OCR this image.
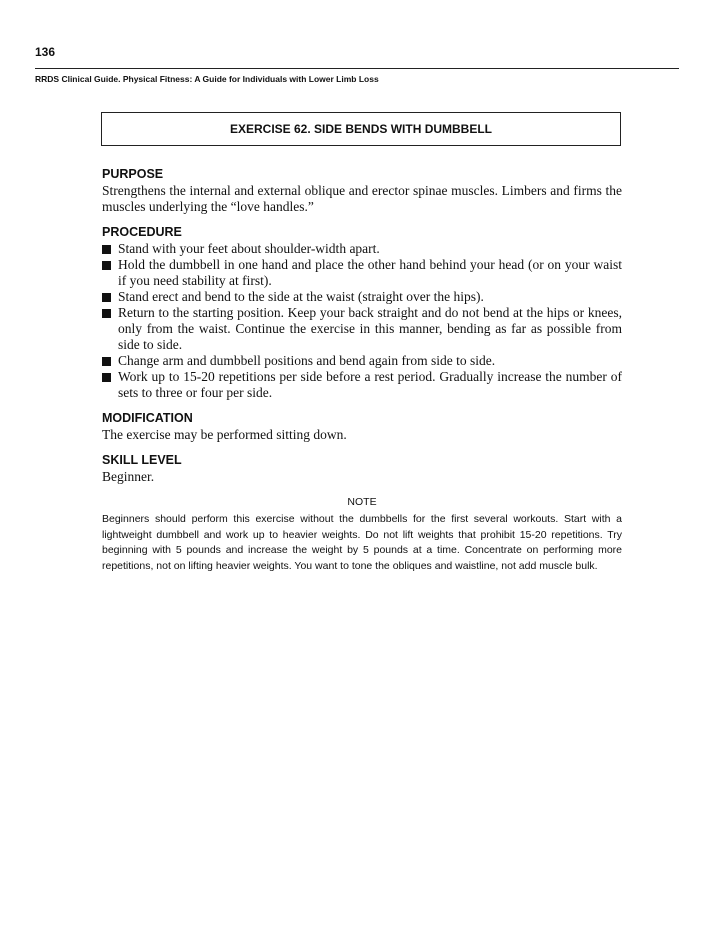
136
RRDS Clinical Guide. Physical Fitness: A Guide for Individuals with Lower Limb Loss
EXERCISE 62. SIDE BENDS WITH DUMBBELL

PURPOSE

Strengthens the internal and external oblique and erector spinae muscles. Limbers and firms the muscles underlying the “love handles.”

PROCEDURE

Stand with your feet about shoulder-width apart.
Hold the dumbbell in one hand and place the other hand behind your head (or on your waist if you need stability at first).
Stand erect and bend to the side at the waist (straight over the hips).
Return to the starting position. Keep your back straight and do not bend at the hips or knees, only from the waist. Continue the exercise in this manner, bending as far as possible from side to side.
Change arm and dumbbell positions and bend again from side to side.
Work up to 15-20 repetitions per side before a rest period. Gradually increase the number of sets to three or four per side.

MODIFICATION

The exercise may be performed sitting down.

SKILL LEVEL

Beginner.

NOTE

Beginners should perform this exercise without the dumbbells for the first several workouts. Start with a lightweight dumbbell and work up to heavier weights. Do not lift weights that prohibit 15-20 repetitions. Try beginning with 5 pounds and increase the weight by 5 pounds at a time. Concentrate on performing more repetitions, not on lifting heavier weights. You want to tone the obliques and waistline, not add muscle bulk.
